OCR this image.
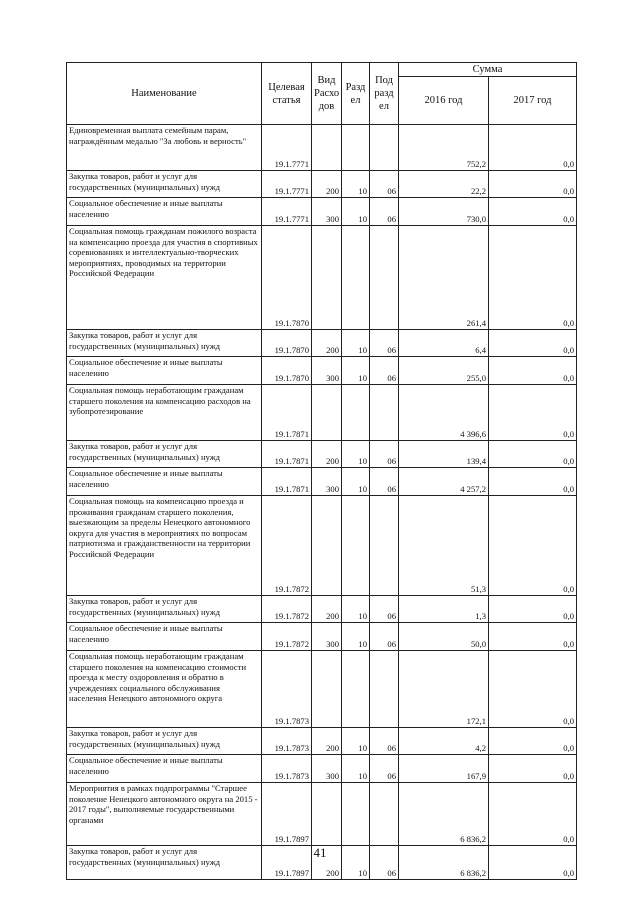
Наименование	Целевая статья	Вид Расхо дов	Разд ел	Под разд ел	Сумма	
					2016 год	2017 год
Единовременная выплата семейным парам, награждённым медалью "За любовь и верность"	19.1.7771				752,2	0,0
Закупка товаров, работ и услуг для государственных (муниципальных) нужд	19.1.7771	200	10	06	22,2	0,0
Социальное обеспечение и иные выплаты населению	19.1.7771	300	10	06	730,0	0,0
Социальная помощь гражданам пожилого возраста на компенсацию проезда для участия в спортивных соревнованиях и интеллектуально-творческих мероприятиях, проводимых на территории Российской Федерации	19.1.7870				261,4	0,0
Закупка товаров, работ и услуг для государственных (муниципальных) нужд	19.1.7870	200	10	06	6,4	0,0
Социальное обеспечение и иные выплаты населению	19.1.7870	300	10	06	255,0	0,0
Социальная помощь неработающим гражданам старшего поколения на компенсацию расходов на зубопротезирование	19.1.7871				4 396,6	0,0
Закупка товаров, работ и услуг для государственных (муниципальных) нужд	19.1.7871	200	10	06	139,4	0,0
Социальное обеспечение и иные выплаты населению	19.1.7871	300	10	06	4 257,2	0,0
Социальная помощь на компенсацию проезда и проживания гражданам старшего поколения, выезжающим за пределы Ненецкого автономного округа для участия в мероприятиях по вопросам патриотизма и гражданственности на территории Российской Федерации	19.1.7872				51,3	0,0
Закупка товаров, работ и услуг для государственных (муниципальных) нужд	19.1.7872	200	10	06	1,3	0,0
Социальное обеспечение и иные выплаты населению	19.1.7872	300	10	06	50,0	0,0
Социальная помощь неработающим гражданам старшего поколения на компенсацию стоимости проезда к месту оздоровления и обратно в учреждениях социального обслуживания населения Ненецкого автономного округа	19.1.7873				172,1	0,0
Закупка товаров, работ и услуг для государственных (муниципальных) нужд	19.1.7873	200	10	06	4,2	0,0
Социальное обеспечение и иные выплаты населению	19.1.7873	300	10	06	167,9	0,0
Мероприятия в рамках подпрограммы "Старшее поколение Ненецкого автономного округа на 2015 - 2017 годы", выполняемые государственными органами	19.1.7897				6 836,2	0,0
Закупка товаров, работ и услуг для государственных (муниципальных) нужд	19.1.7897	200	10	06	6 836,2	0,0
41
